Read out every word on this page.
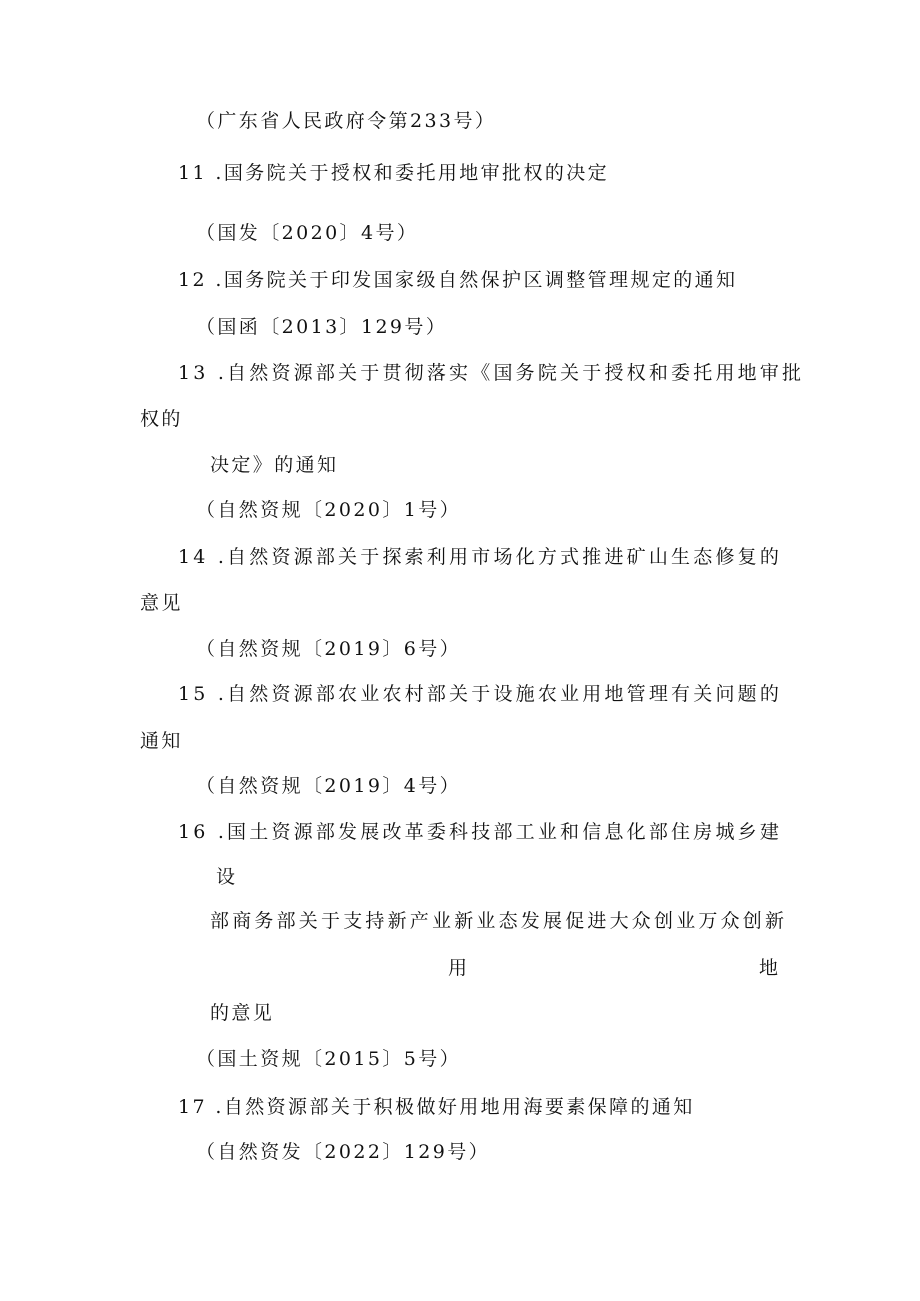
（广东省人民政府令第233号）
11 .国务院关于授权和委托用地审批权的决定
（国发〔2020〕4号）
12 .国务院关于印发国家级自然保护区调整管理规定的通知
（国函〔2013〕129号）
13 .自然资源部关于贯彻落实《国务院关于授权和委托用地审批
权的
决定》的通知
（自然资规〔2020〕1号）
14 .自然资源部关于探索利用市场化方式推进矿山生态修复的
意见
（自然资规〔2019〕6号）
15 .自然资源部农业农村部关于设施农业用地管理有关问题的
通知
（自然资规〔2019〕4号）
16 .国土资源部发展改革委科技部工业和信息化部住房城乡建
设
部商务部关于支持新产业新业态发展促进大众创业万众创新
用	地
的意见
（国土资规〔2015〕5号）
17 .自然资源部关于积极做好用地用海要素保障的通知
（自然资发〔2022〕129号）
